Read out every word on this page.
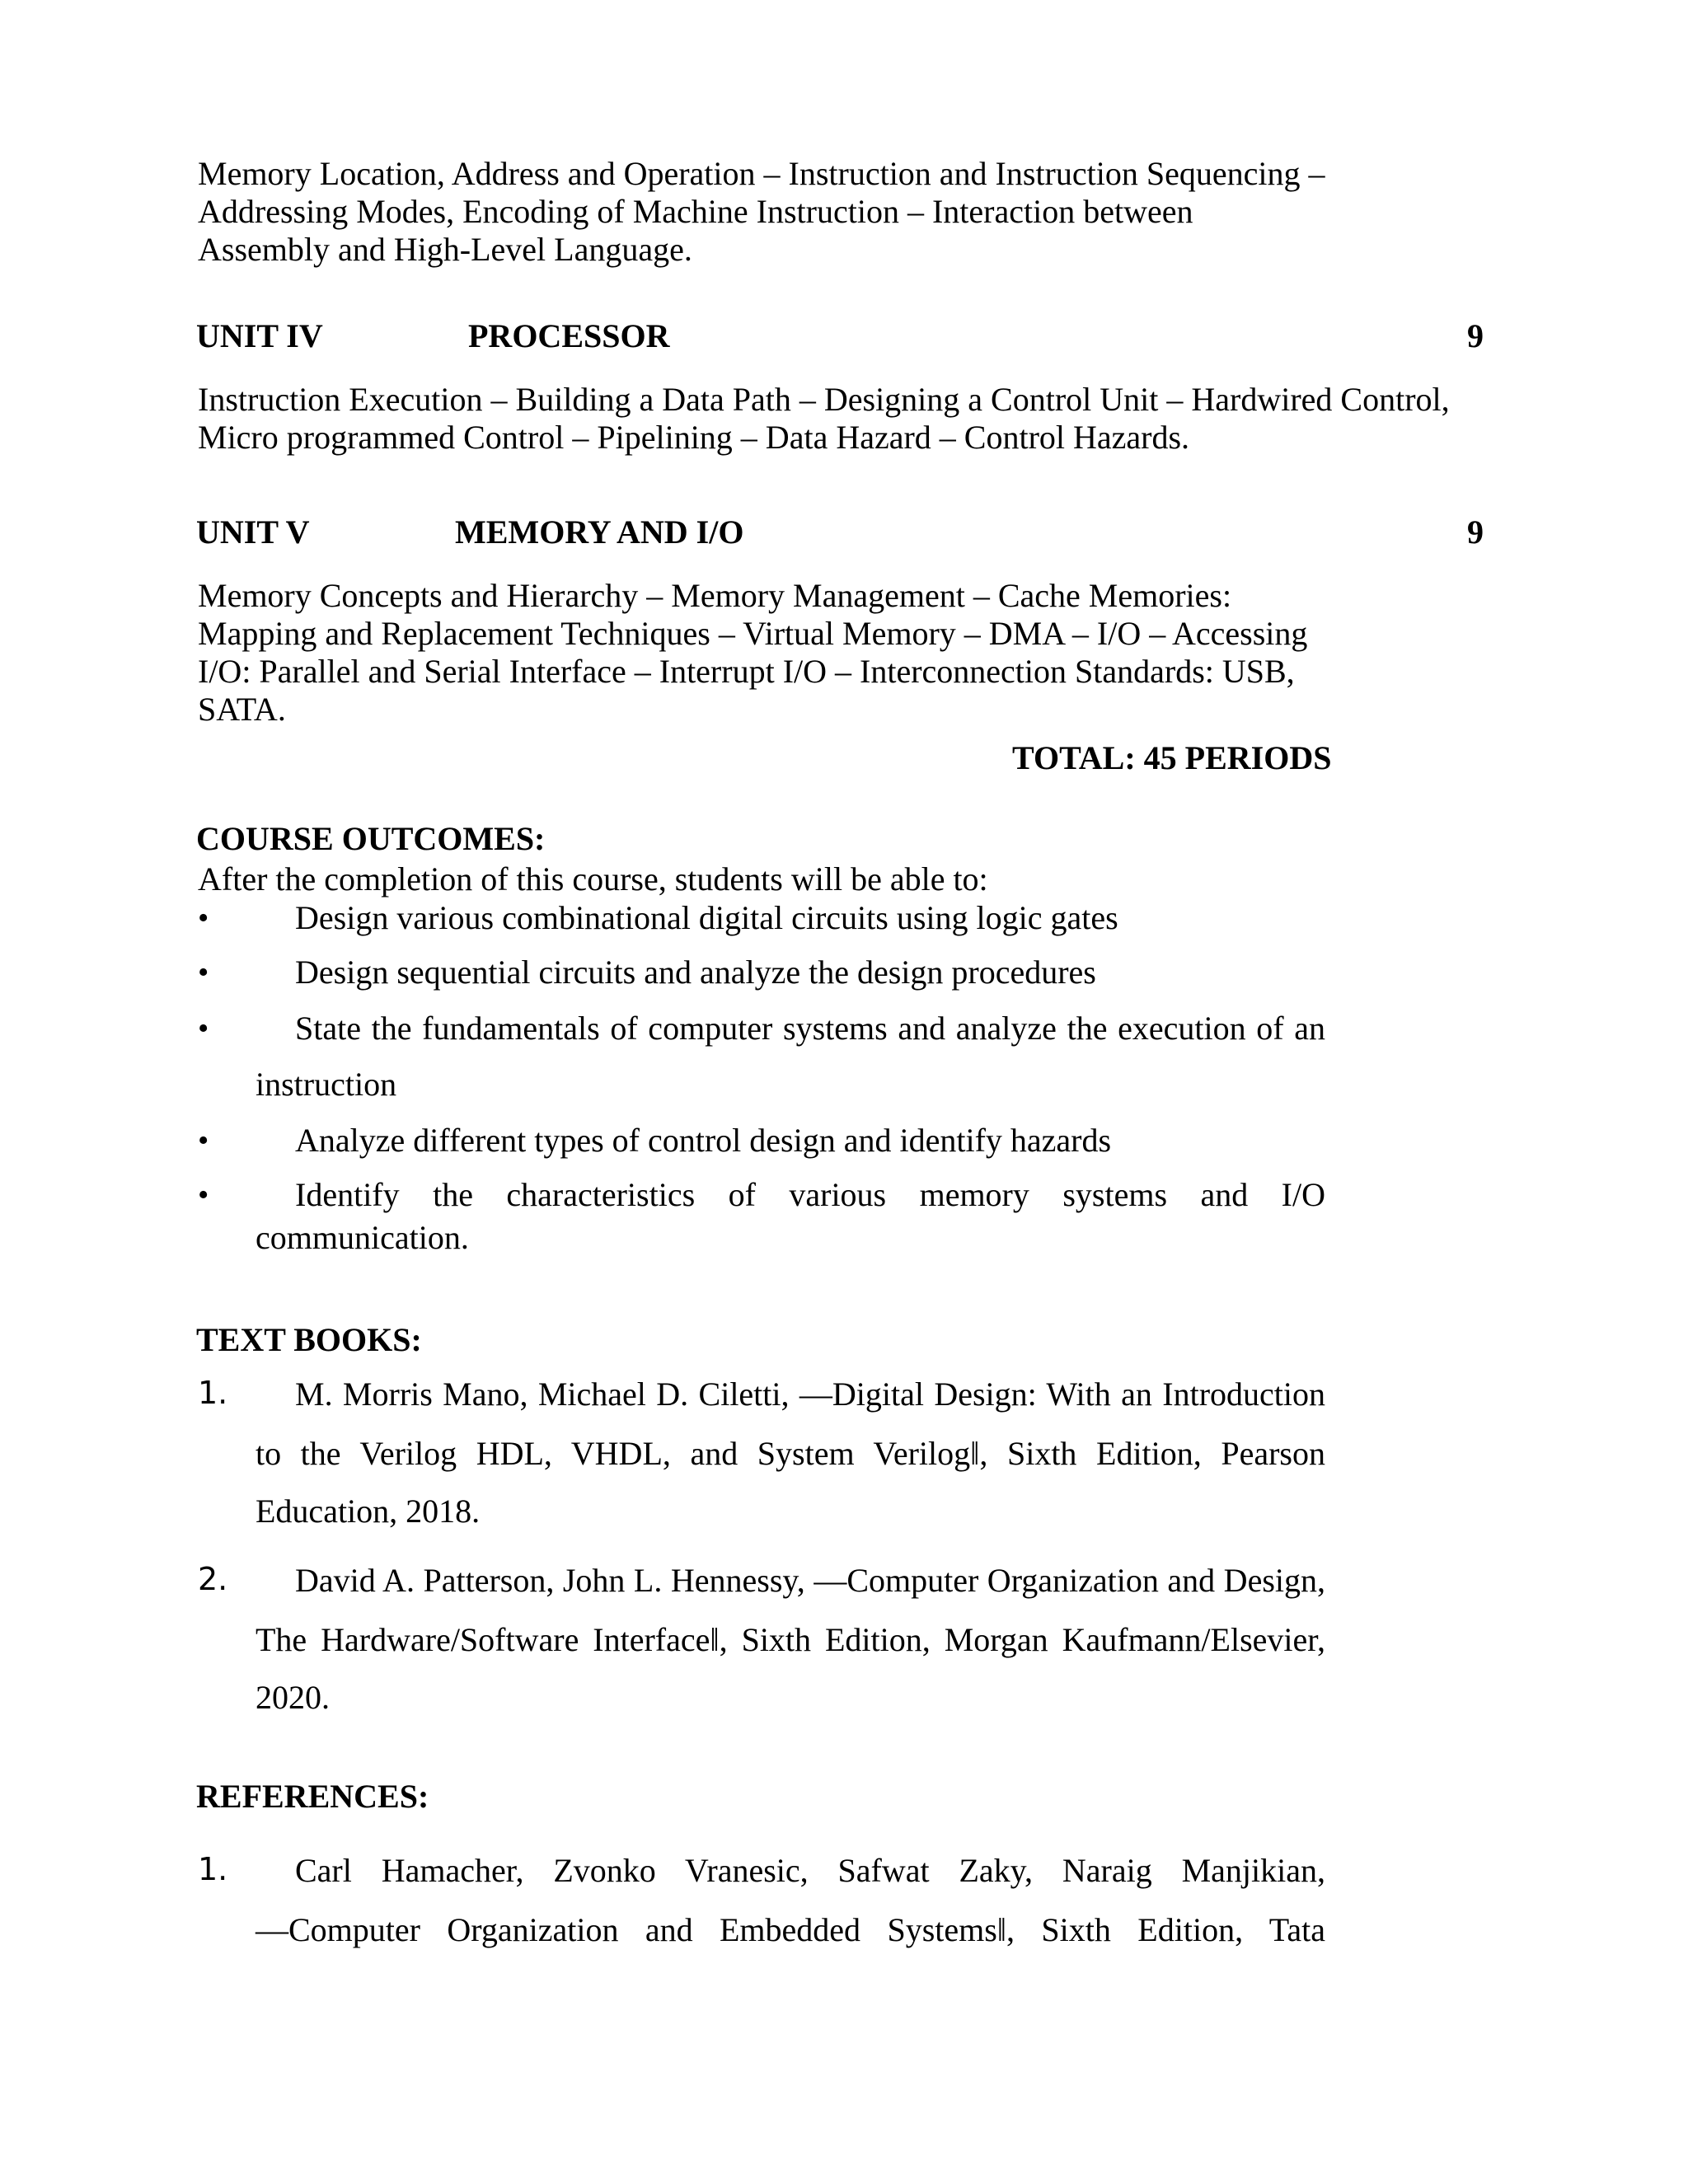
Memory Location, Address and Operation – Instruction and Instruction Sequencing –
Addressing Modes, Encoding of Machine Instruction – Interaction between
Assembly and High-Level Language.
UNIT IV	PROCESSOR	9
Instruction Execution – Building a Data Path – Designing a Control Unit – Hardwired Control,
Micro programmed Control – Pipelining – Data Hazard – Control Hazards.
UNIT V	MEMORY AND I/O	9
Memory Concepts and Hierarchy – Memory Management – Cache Memories:
Mapping and Replacement Techniques – Virtual Memory – DMA – I/O – Accessing
I/O: Parallel and Serial Interface – Interrupt I/O – Interconnection Standards: USB,
SATA.
TOTAL: 45 PERIODS
COURSE OUTCOMES:
After the completion of this course, students will be able to:
•	Design various combinational digital circuits using logic gates
•	Design sequential circuits and analyze the design procedures
•	State the fundamentals of computer systems and analyze the execution of an
instruction
•	Analyze different types of control design and identify hazards
•	Identify the characteristics of various memory systems and I/O
communication.
TEXT BOOKS:
1. M. Morris Mano, Michael D. Ciletti, ―Digital Design: With an Introduction
to the Verilog HDL, VHDL, and System Verilog‖, Sixth Edition, Pearson
Education, 2018.
2. David A. Patterson, John L. Hennessy, ―Computer Organization and Design,
The Hardware/Software Interface‖, Sixth Edition, Morgan Kaufmann/Elsevier,
2020.
REFERENCES:
1. Carl Hamacher, Zvonko Vranesic, Safwat Zaky, Naraig Manjikian,
―Computer Organization and Embedded Systems‖, Sixth Edition, Tata
